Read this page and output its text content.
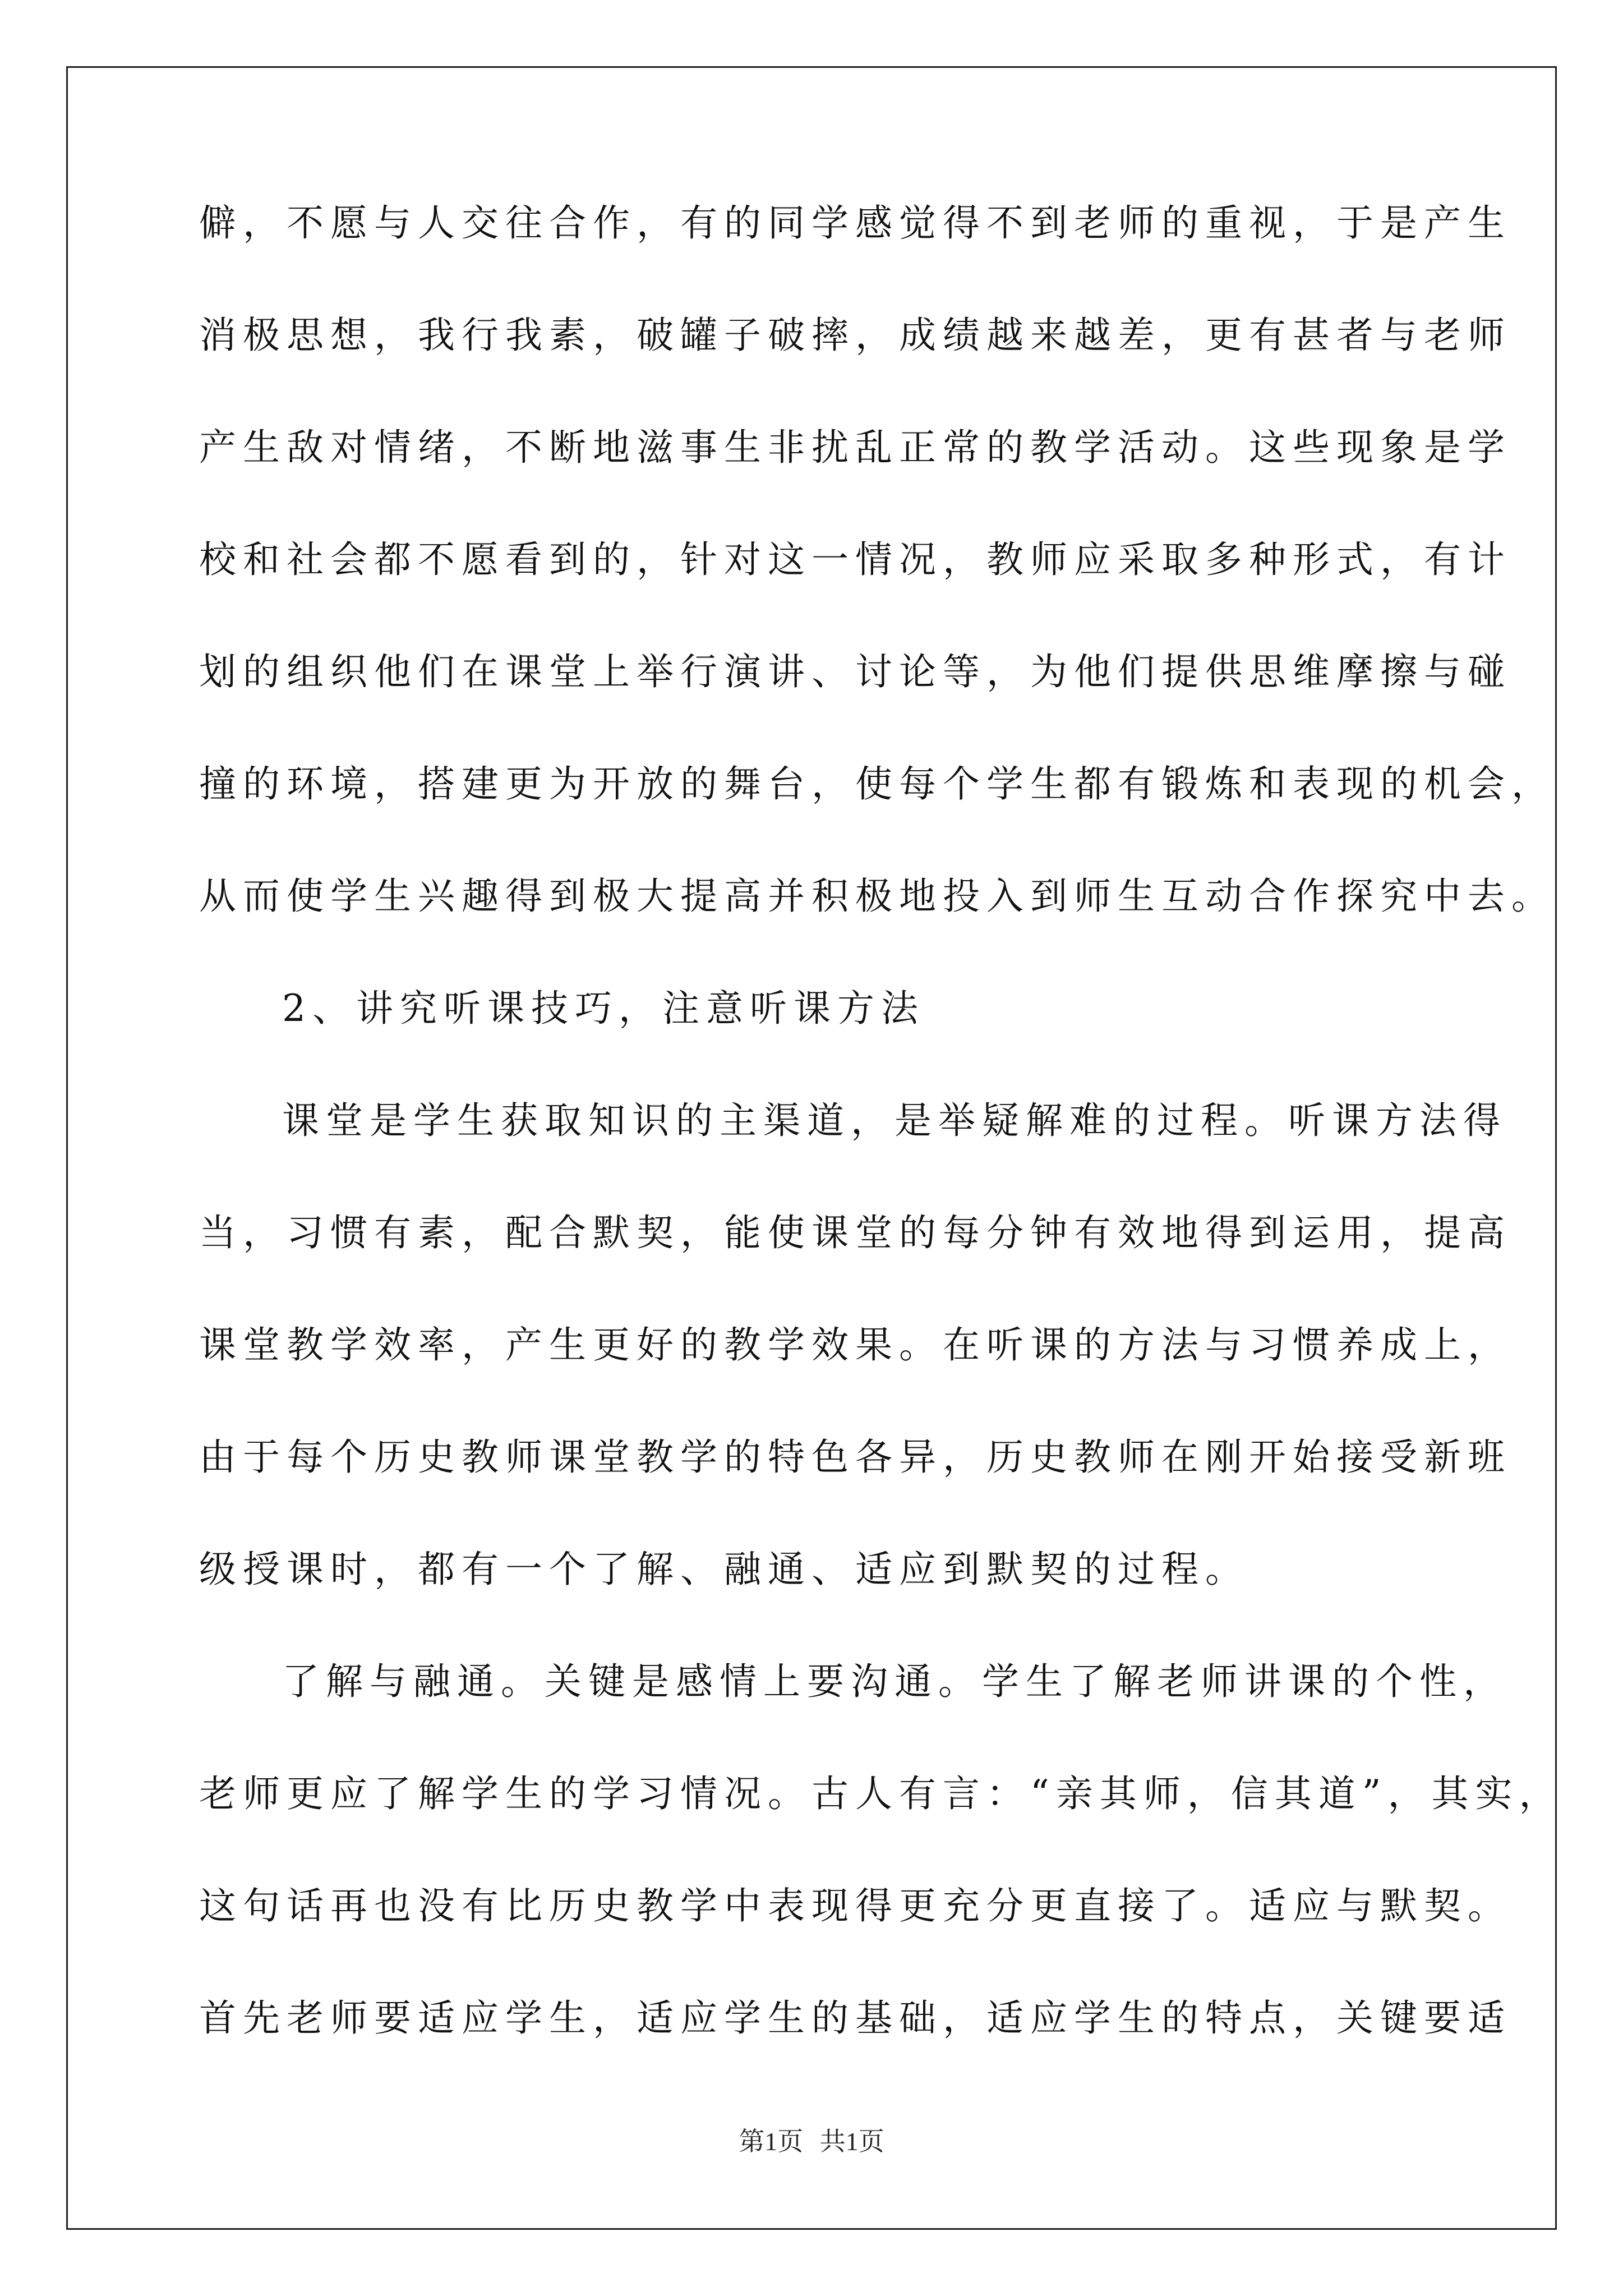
僻，不愿与人交往合作，有的同学感觉得不到老师的重视，于是产生
消极思想，我行我素，破罐子破摔，成绩越来越差，更有甚者与老师
产生敌对情绪，不断地滋事生非扰乱正常的教学活动。这些现象是学
校和社会都不愿看到的，针对这一情况，教师应采取多种形式，有计
划的组织他们在课堂上举行演讲、讨论等，为他们提供思维摩擦与碰
撞的环境，搭建更为开放的舞台，使每个学生都有锻炼和表现的机会，
从而使学生兴趣得到极大提高并积极地投入到师生互动合作探究中去。
2、讲究听课技巧，注意听课方法
课堂是学生获取知识的主渠道，是举疑解难的过程。听课方法得
当，习惯有素，配合默契，能使课堂的每分钟有效地得到运用，提高
课堂教学效率，产生更好的教学效果。在听课的方法与习惯养成上，
由于每个历史教师课堂教学的特色各异，历史教师在刚开始接受新班
级授课时，都有一个了解、融通、适应到默契的过程。
了解与融通。关键是感情上要沟通。学生了解老师讲课的个性，
老师更应了解学生的学习情况。古人有言：“亲其师，信其道”，其实，
这句话再也没有比历史教学中表现得更充分更直接了。适应与默契。
首先老师要适应学生，适应学生的基础，适应学生的特点，关键要适
第1页 共1页
